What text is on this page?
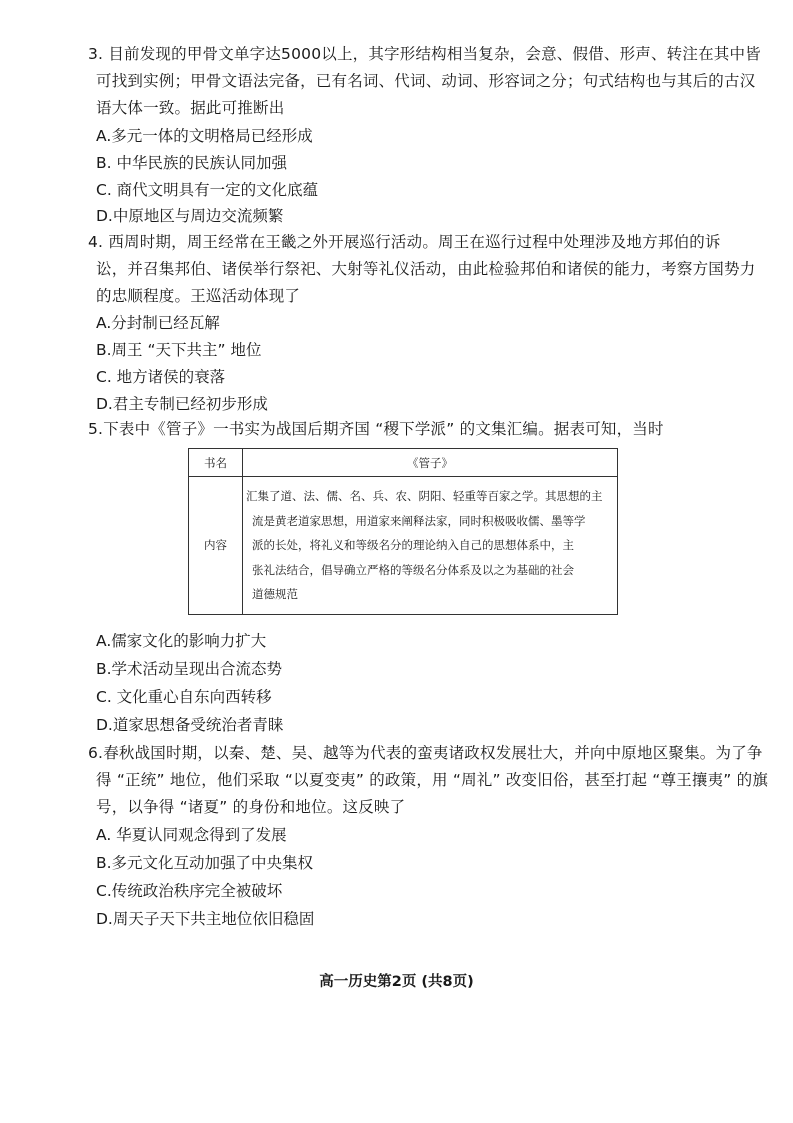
3. 目前发现的甲骨文单字达5000以上，其字形结构相当复杂，会意、假借、形声、转注在其中皆
可找到实例；甲骨文语法完备，已有名词、代词、动词、形容词之分；句式结构也与其后的古汉
语大体一致。据此可推断出
A.多元一体的文明格局已经形成
B. 中华民族的民族认同加强
C. 商代文明具有一定的文化底蕴
D.中原地区与周边交流频繁
4. 西周时期，周王经常在王畿之外开展巡行活动。周王在巡行过程中处理涉及地方邦伯的诉
讼，并召集邦伯、诸侯举行祭祀、大射等礼仪活动，由此检验邦伯和诸侯的能力，考察方国势力
的忠顺程度。王巡活动体现了
A.分封制已经瓦解
B.周王 “天下共主” 地位
C. 地方诸侯的衰落
D.君主专制已经初步形成
5.下表中《管子》一书实为战国后期齐国 “稷下学派” 的文集汇编。据表可知，当时
书名	《管子》
内容	汇集了道、法、儒、名、兵、农、阴阳、轻重等百家之学。其思想的主
流是黄老道家思想，用道家来阐释法家，同时积极吸收儒、墨等学
派的长处，将礼义和等级名分的理论纳入自己的思想体系中，主
张礼法结合，倡导确立严格的等级名分体系及以之为基础的社会
道德规范
A.儒家文化的影响力扩大
B.学术活动呈现出合流态势
C. 文化重心自东向西转移
D.道家思想备受统治者青睐
6.春秋战国时期，以秦、楚、吴、越等为代表的蛮夷诸政权发展壮大，并向中原地区聚集。为了争
得 “正统” 地位，他们采取 “以夏变夷” 的政策，用 “周礼” 改变旧俗，甚至打起 “尊王攘夷” 的旗
号，以争得 “诸夏” 的身份和地位。这反映了
A. 华夏认同观念得到了发展
B.多元文化互动加强了中央集权
C.传统政治秩序完全被破坏
D.周天子天下共主地位依旧稳固
高一历史第2页 (共8页)
